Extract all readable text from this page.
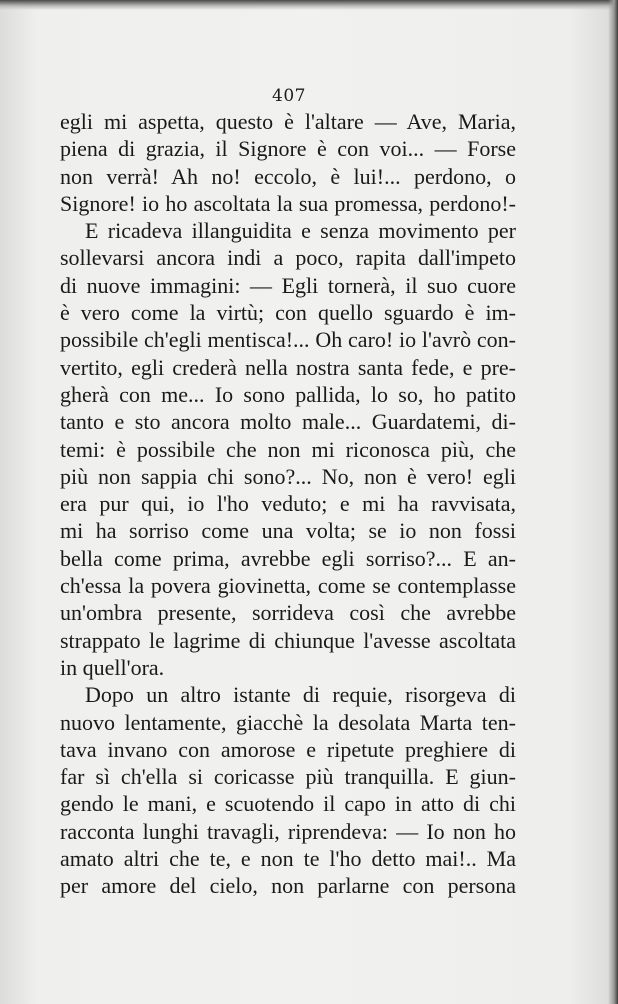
407
egli mi aspetta, questo è l'altare — Ave, Maria,
piena di grazia, il Signore è con voi... — Forse
non verrà! Ah no! eccolo, è lui!... perdono, o
Signore! io ho ascoltata la sua promessa, perdono!-
E ricadeva illanguidita e senza movimento per
sollevarsi ancora indi a poco, rapita dall'impeto
di nuove immagini: — Egli tornerà, il suo cuore
è vero come la virtù; con quello sguardo è im-
possibile ch'egli mentisca!... Oh caro! io l'avrò con-
vertito, egli crederà nella nostra santa fede, e pre-
gherà con me... Io sono pallida, lo so, ho patito
tanto e sto ancora molto male... Guardatemi, di-
temi: è possibile che non mi riconosca più, che
più non sappia chi sono?... No, non è vero! egli
era pur qui, io l'ho veduto; e mi ha ravvisata,
mi ha sorriso come una volta; se io non fossi
bella come prima, avrebbe egli sorriso?... E an-
ch'essa la povera giovinetta, come se contemplasse
un'ombra presente, sorrideva così che avrebbe
strappato le lagrime di chiunque l'avesse ascoltata
in quell'ora.
Dopo un altro istante di requie, risorgeva di
nuovo lentamente, giacchè la desolata Marta ten-
tava invano con amorose e ripetute preghiere di
far sì ch'ella si coricasse più tranquilla. E giun-
gendo le mani, e scuotendo il capo in atto di chi
racconta lunghi travagli, riprendeva: — Io non ho
amato altri che te, e non te l'ho detto mai!.. Ma
per amore del cielo, non parlarne con persona
